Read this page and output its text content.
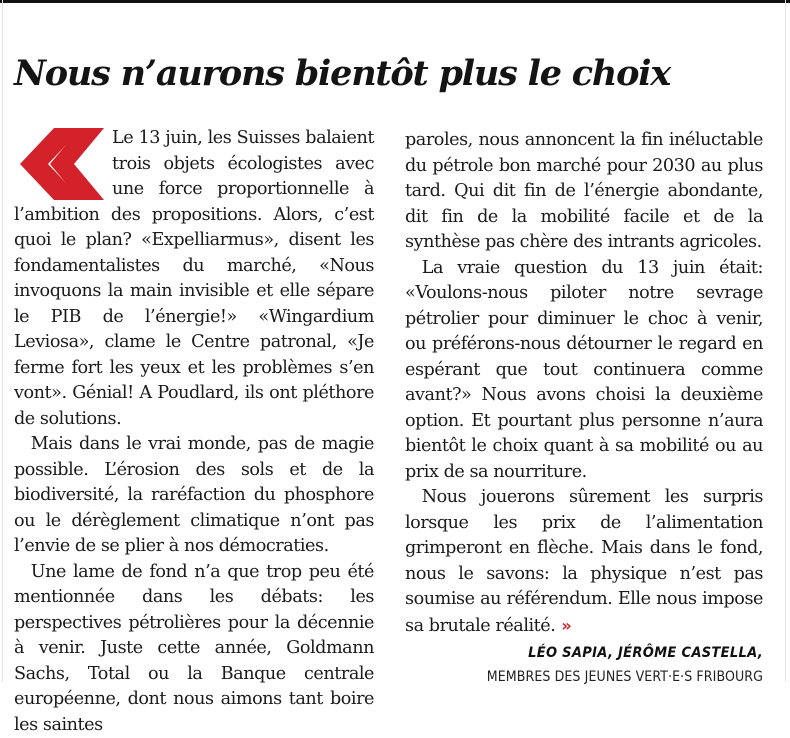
Nous n’aurons bientôt plus le choix

Le 13 juin, les Suisses balaient trois objets écologistes avec une force proportionnelle à l’ambition des propositions. Alors, c’est quoi le plan? «Expelliarmus», disent les fondamentalistes du marché, «Nous invoquons la main invisible et elle sépare le PIB de l’énergie!» «Wingardium Leviosa», clame le Centre patronal, «Je ferme fort les yeux et les problèmes s’en vont». Génial! A Poudlard, ils ont pléthore de solutions.

Mais dans le vrai monde, pas de magie possible. L’érosion des sols et de la biodiversité, la raréfaction du phosphore ou le dérèglement climatique n’ont pas l’envie de se plier à nos démocraties.

Une lame de fond n’a que trop peu été mentionnée dans les débats: les perspectives pétrolières pour la décennie à venir. Juste cette année, Goldmann Sachs, Total ou la Banque centrale européenne, dont nous aimons tant boire les saintes

paroles, nous annoncent la fin inéluctable du pétrole bon marché pour 2030 au plus tard. Qui dit fin de l’énergie abondante, dit fin de la mobilité facile et de la synthèse pas chère des intrants agricoles.

La vraie question du 13 juin était: «Voulons-nous piloter notre sevrage pétrolier pour diminuer le choc à venir, ou préférons-nous détourner le regard en espérant que tout continuera comme avant?» Nous avons choisi la deuxième option. Et pourtant plus personne n’aura bientôt le choix quant à sa mobilité ou au prix de sa nourriture.

Nous jouerons sûrement les surpris lorsque les prix de l’alimentation grimperont en flèche. Mais dans le fond, nous le savons: la physique n’est pas soumise au référendum. Elle nous impose sa brutale réalité. »

LÉO SAPIA, JÉRÔME CASTELLA,
MEMBRES DES JEUNES VERT·E·S FRIBOURG
